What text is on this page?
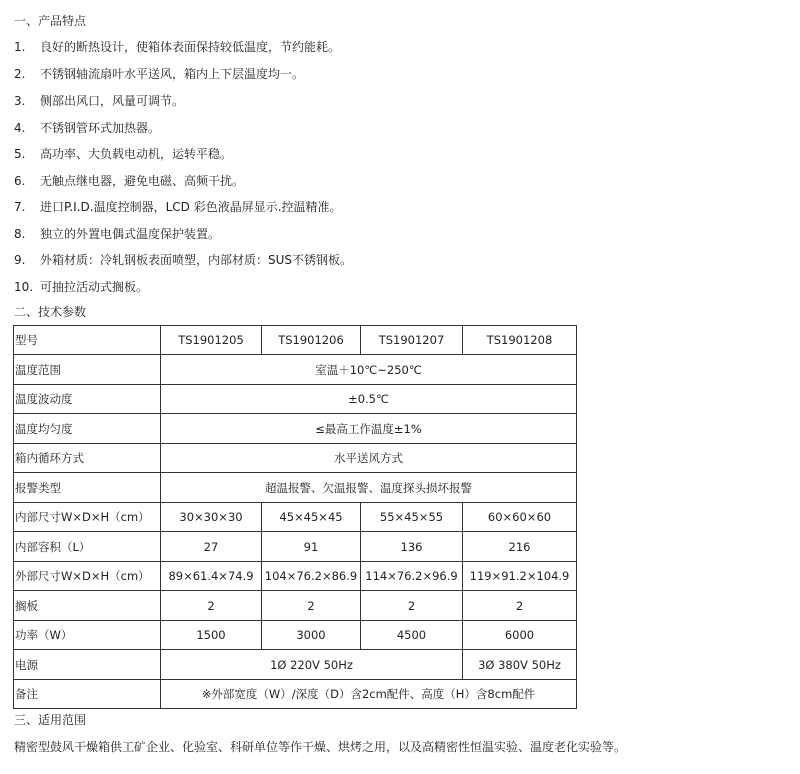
一、产品特点
1. 良好的断热设计，使箱体表面保持较低温度，节约能耗。
2. 不锈钢轴流扇叶水平送风，箱内上下层温度均一。
3. 侧部出风口，风量可调节。
4. 不锈钢管环式加热器。
5. 高功率、大负载电动机，运转平稳。
6. 无触点继电器，避免电磁、高频干扰。
7. 进口P.I.D.温度控制器，LCD 彩色液晶屏显示.控温精准。
8. 独立的外置电偶式温度保护装置。
9. 外箱材质：冷轧钢板表面喷塑，内部材质：SUS不锈钢板。
10. 可抽拉活动式搁板。
二、技术参数
型号	TS1901205	TS1901206	TS1901207	TS1901208
温度范围	室温＋10℃~250℃			
温度波动度	±0.5℃			
温度均匀度	≤最高工作温度±1%			
箱内循环方式	水平送风方式			
报警类型	超温报警、欠温报警、温度探头损坏报警			
内部尺寸W×D×H（cm）	30×30×30	45×45×45	55×45×55	60×60×60
内部容积（L）	27	91	136	216
外部尺寸W×D×H（cm）	89×61.4×74.9	104×76.2×86.9	114×76.2×96.9	119×91.2×104.9
搁板	2	2	2	2
功率（W）	1500	3000	4500	6000
电源	1Ø 220V 50Hz			3Ø 380V 50Hz
备注	※外部宽度（W）/深度（D）含2cm配件、高度（H）含8cm配件			
三、适用范围
精密型鼓风干燥箱供工矿企业、化验室、科研单位等作干燥、烘烤之用，以及高精密性恒温实验、温度老化实验等。
